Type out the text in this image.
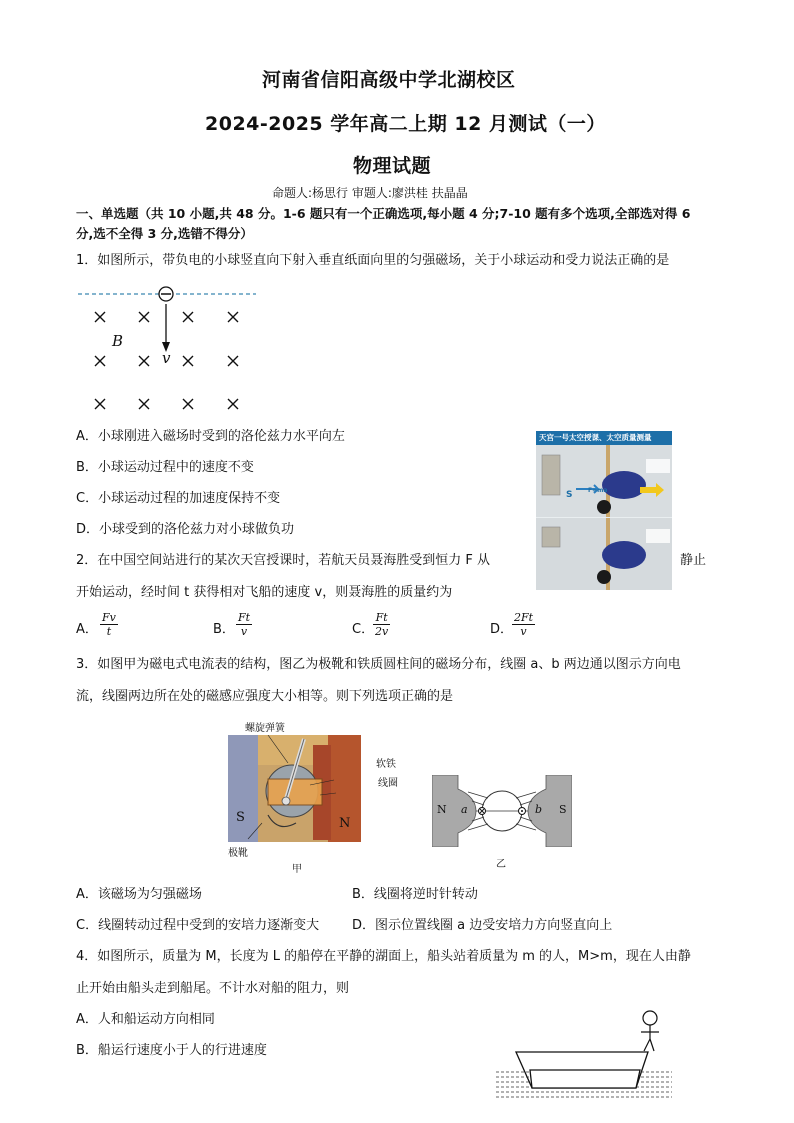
河南省信阳高级中学北湖校区
2024-2025 学年高二上期 12 月测试（一）
物理试题
命题人:杨思行 审题人:廖洪桂 扶晶晶
一、单选题（共 10 小题,共 48 分。1-6 题只有一个正确选项,每小题 4 分;7-10 题有多个选项,全部选对得 6
分,选不全得 3 分,选错不得分）
1．如图所示，带负电的小球竖直向下射入垂直纸面向里的匀强磁场，关于小球运动和受力说法正确的是
B
v
A．小球刚进入磁场时受到的洛伦兹力水平向左
B．小球运动过程中的速度不变
C．小球运动过程的加速度保持不变
D．小球受到的洛伦兹力对小球做负功
天宫一号太空授课、太空质量测量
S	F=ma
2．在中国空间站进行的某次天宫授课时，若航天员聂海胜受到恒力 F 从	静止
开始运动，经时间 t 获得相对飞船的速度 v，则聂海胜的质量约为
A． $\frac{Fv}{t}$	B． $\frac{Ft}{v}$	C．
$\frac{Ft}{2v}$	D．
$\frac{2Ft}{v}$
3．如图甲为磁电式电流表的结构，图乙为极靴和铁质圆柱间的磁场分布，线圈 a、b 两边通以图示方向电
流，线圈两边所在处的磁感应强度大小相等。则下列选项正确的是
螺旋弹簧
软铁
线圈
S	N
极靴
甲
N	S
a	b
乙
A．该磁场为匀强磁场	B．线圈将逆时针转动
C．线圈转动过程中受到的安培力逐渐变大	D．图示位置线圈 a 边受安培力方向竖直向上
4．如图所示，质量为 M，长度为 L 的船停在平静的湖面上，船头站着质量为 m 的人，M>m，现在人由静
止开始由船头走到船尾。不计水对船的阻力，则
A．人和船运动方向相同
B．船运行速度小于人的行进速度
